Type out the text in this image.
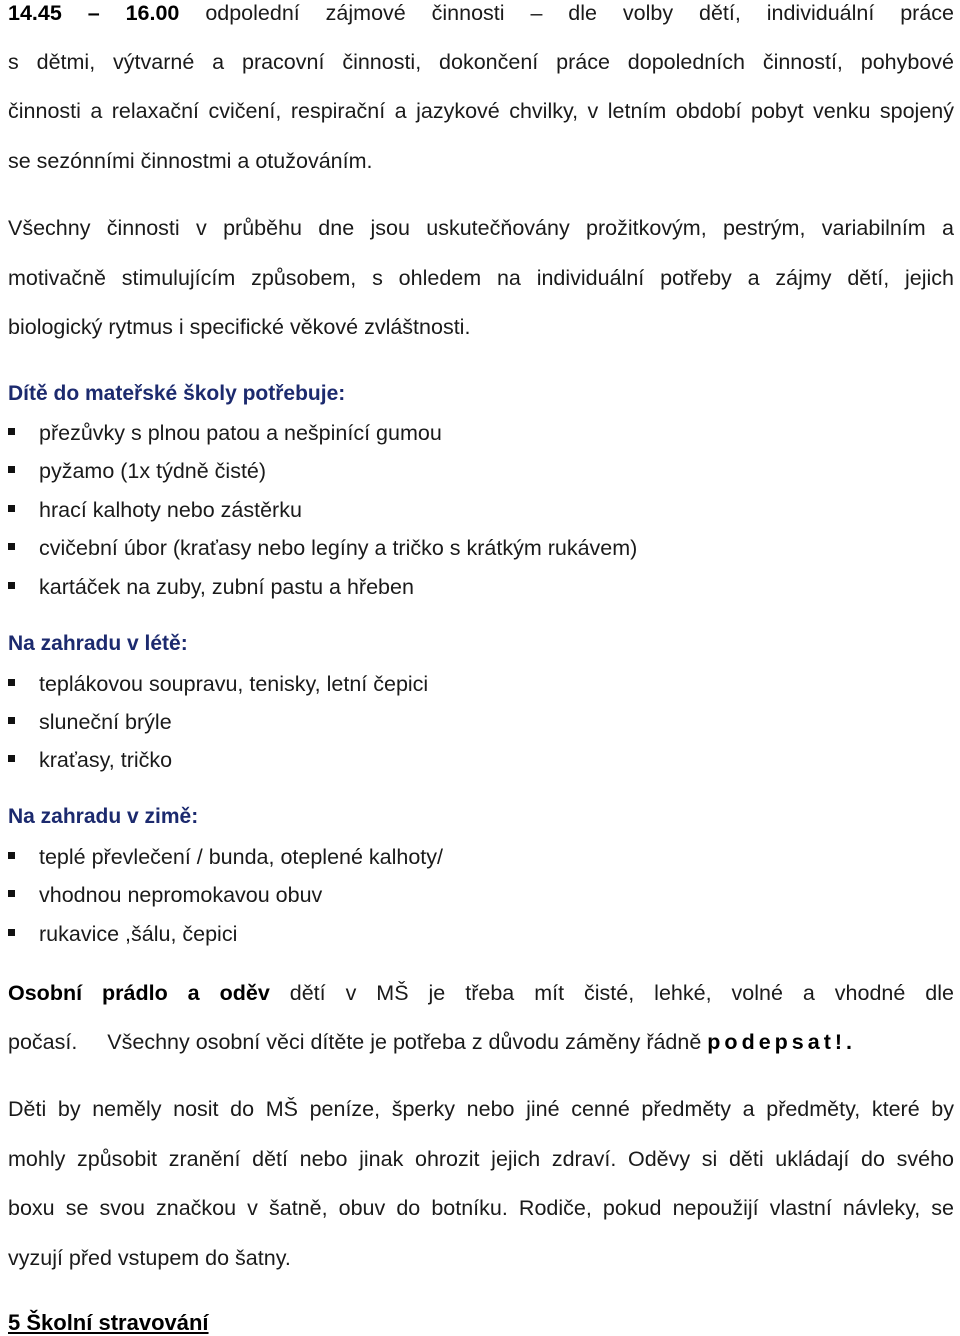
14.45 – 16.00 odpolední zájmové činnosti – dle volby dětí, individuální práce
s dětmi, výtvarné a pracovní činnosti, dokončení práce dopoledních činností, pohybové
činnosti a relaxační cvičení, respirační a jazykové chvilky, v letním období pobyt venku spojený
se sezónními činnostmi a otužováním.
Všechny činnosti v průběhu dne jsou uskutečňovány prožitkovým, pestrým, variabilním a
motivačně stimulujícím způsobem, s ohledem na individuální potřeby a zájmy dětí, jejich
biologický rytmus i specifické věkové zvláštnosti.
Dítě do mateřské školy potřebuje:
přezůvky s plnou patou a nešpinící gumou
pyžamo (1x týdně čisté)
hrací kalhoty nebo zástěrku
cvičební úbor (kraťasy nebo legíny a tričko s krátkým rukávem)
kartáček na zuby, zubní pastu a hřeben
Na zahradu v létě:
teplákovou soupravu, tenisky, letní čepici
sluneční brýle
kraťasy, tričko
Na zahradu v zimě:
teplé převlečení / bunda, oteplené kalhoty/
vhodnou nepromokavou obuv
rukavice ,šálu, čepici
Osobní prádlo a oděv dětí v MŠ je třeba mít čisté, lehké, volné a vhodné dle
počasí. Všechny osobní věci dítěte je potřeba z důvodu záměny řádně podepsat!.
Děti by neměly nosit do MŠ peníze, šperky nebo jiné cenné předměty a předměty, které by
mohly způsobit zranění dětí nebo jinak ohrozit jejich zdraví. Oděvy si děti ukládají do svého
boxu se svou značkou v šatně, obuv do botníku. Rodiče, pokud nepoužijí vlastní návleky, se
vyzují před vstupem do šatny.
5 Školní stravování
